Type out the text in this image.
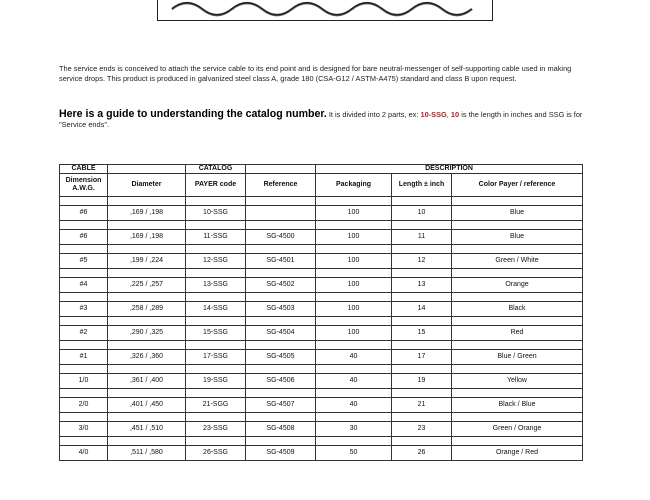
The service ends is conceived to attach the service cable to its end point and is designed for bare neutral-messenger of self-supporting cable used in making service drops. This product is produced in galvanized steel class A, grade 180 (CSA-G12 / ASTM-A475) standard and class B upon request.

Here is a guide to understanding the catalog number. It is divided into 2 parts, ex: 10-SSG, 10 is the length in inches and SSG is for "Service ends".

CABLE		CATALOG		DESCRIPTION		
Dimension A.W.G.	Diameter	PAYER code	Reference	Packaging	Length ± inch	Color Payer / reference

#6	,169 / ,198	10-SSG		100	10	Blue

#6	,169 / ,198	11-SSG	SG-4500	100	11	Blue

#5	,199 / ,224	12-SSG	SG-4501	100	12	Green / White

#4	,225 / ,257	13-SSG	SG-4502	100	13	Orange

#3	,258 / ,289	14-SSG	SG-4503	100	14	Black

#2	,290 / ,325	15-SSG	SG-4504	100	15	Red

#1	,326 / ,360	17-SSG	SG-4505	40	17	Blue / Green

1/0	,361 / ,400	19-SSG	SG-4506	40	19	Yellow

2/0	,401 / ,450	21-SGG	SG-4507	40	21	Black / Blue

3/0	,451 / ,510	23-SSG	SG-4508	30	23	Green / Orange

4/0	,511 / ,580	26-SSG	SG-4509	50	26	Orange / Red
